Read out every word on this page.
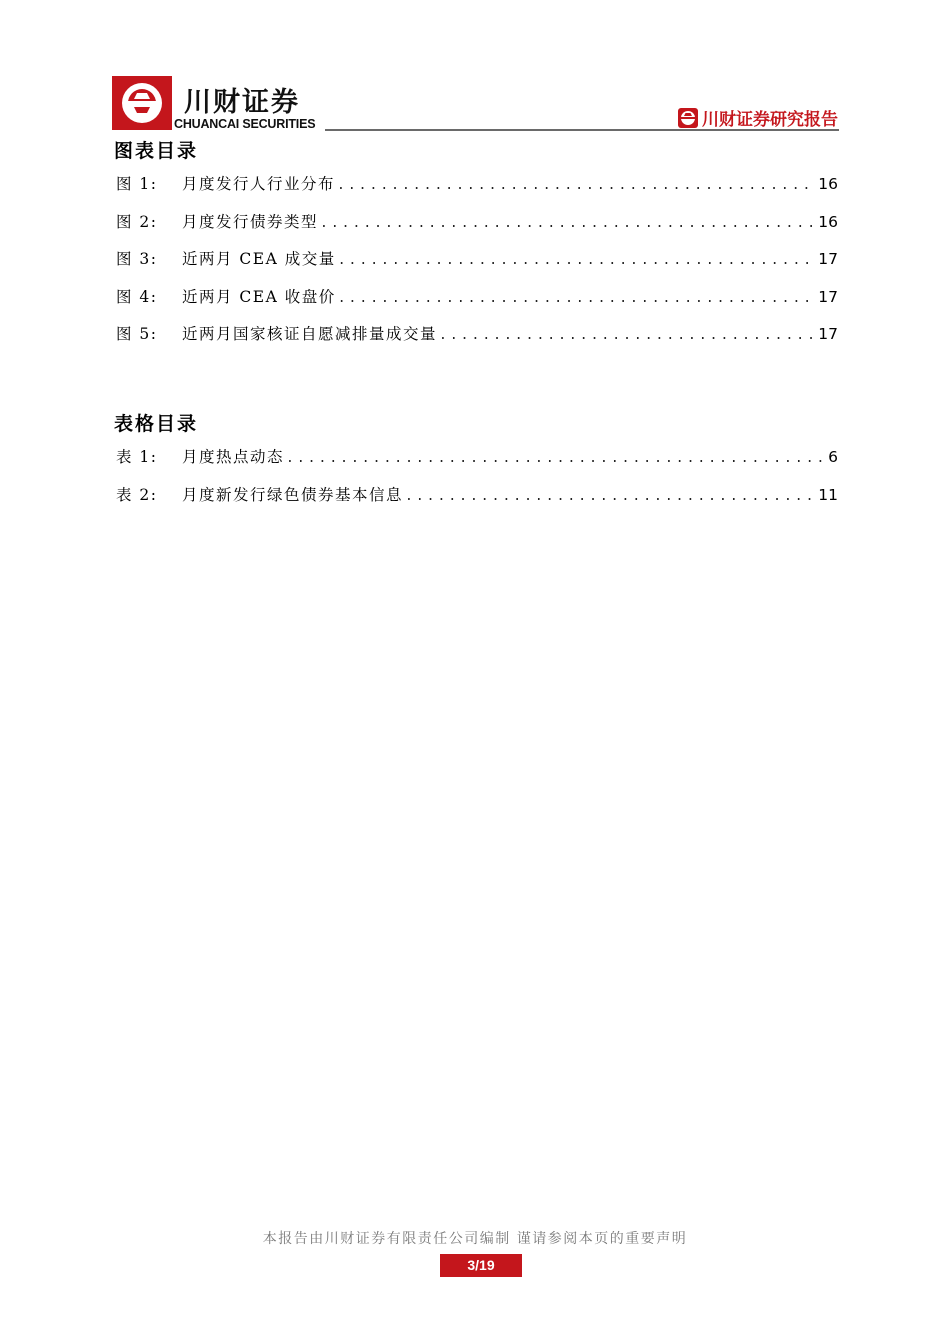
川财证券
CHUANCAI SECURITIES	川财证券研究报告
图表目录
图 1:	月度发行人行业分布 .....	16
图 2:	月度发行债券类型 .....	16
图 3:	近两月 CEA 成交量 .....	17
图 4:	近两月 CEA 收盘价 .....	17
图 5:	近两月国家核证自愿减排量成交量 .....	17
表格目录
表 1:	月度热点动态 .....	6
表 2:	月度新发行绿色债券基本信息 .....	11
本报告由川财证券有限责任公司编制 谨请参阅本页的重要声明
3/19
